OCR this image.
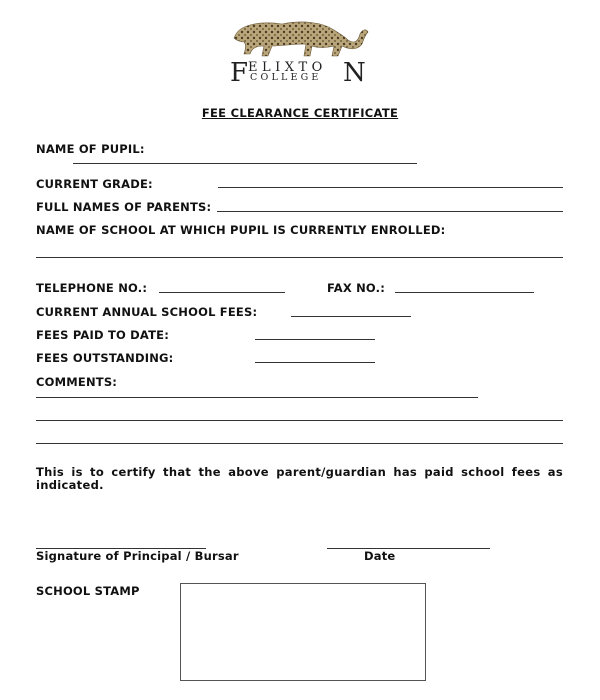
F ELIXTO
COLLEGE N
FEE CLEARANCE CERTIFICATE
NAME OF PUPIL:
CURRENT GRADE:
FULL NAMES OF PARENTS:
NAME OF SCHOOL AT WHICH PUPIL IS CURRENTLY ENROLLED:
TELEPHONE NO.:	FAX NO.:
CURRENT ANNUAL SCHOOL FEES:
FEES PAID TO DATE:
FEES OUTSTANDING:
COMMENTS:
This is to certify that the above parent/guardian has paid school fees as indicated.
Signature of Principal / Bursar	Date
SCHOOL STAMP
